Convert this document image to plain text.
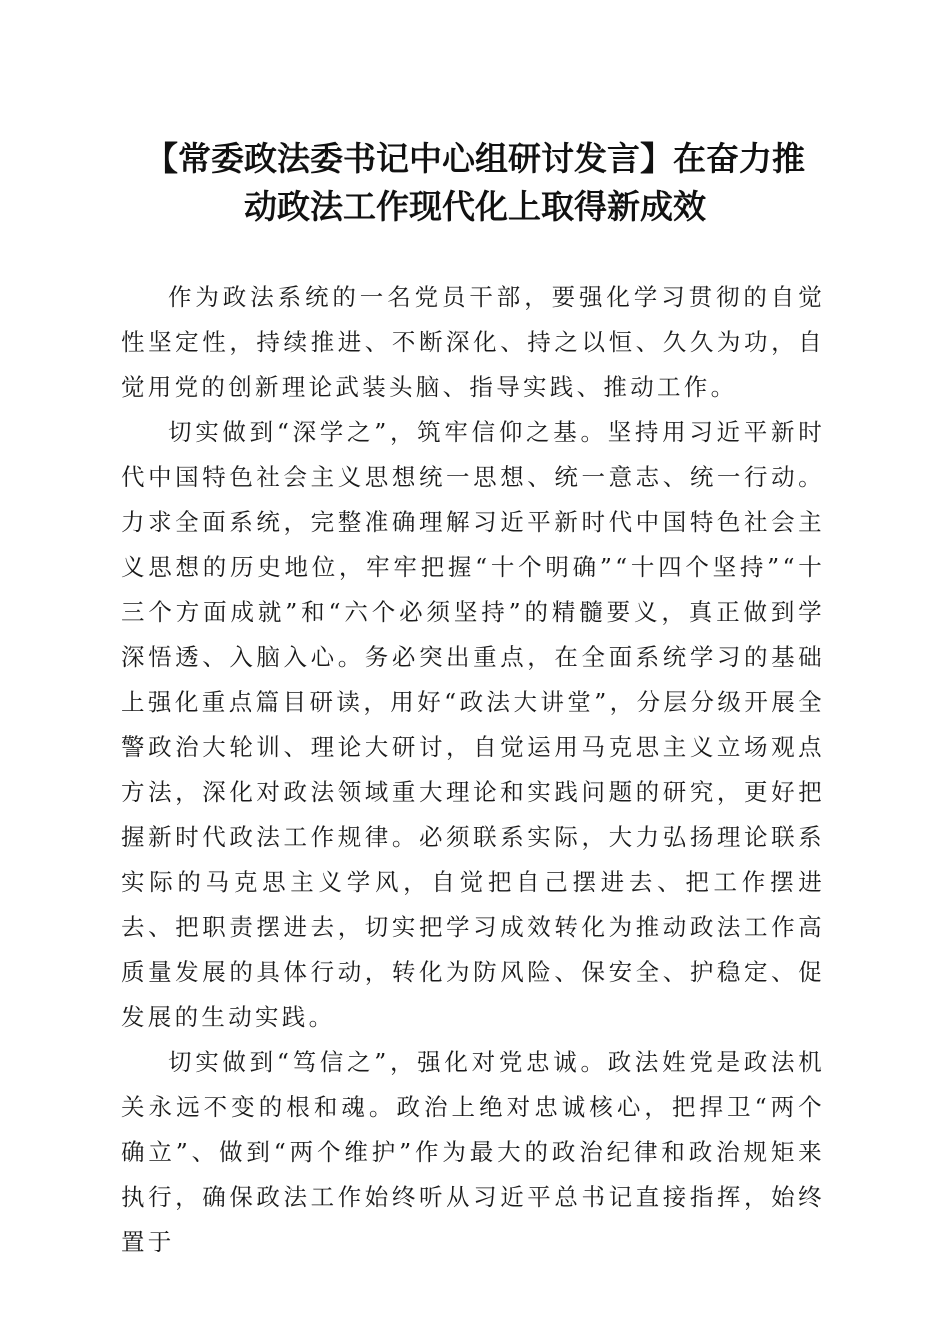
【常委政法委书记中心组研讨发言】在奋力推
动政法工作现代化上取得新成效

作为政法系统的一名党员干部，要强化学习贯彻的自觉性坚定性，持续推进、不断深化、持之以恒、久久为功，自觉用党的创新理论武装头脑、指导实践、推动工作。

切实做到“深学之”，筑牢信仰之基。坚持用习近平新时代中国特色社会主义思想统一思想、统一意志、统一行动。力求全面系统，完整准确理解习近平新时代中国特色社会主义思想的历史地位，牢牢把握“十个明确”“十四个坚持”“十三个方面成就”和“六个必须坚持”的精髓要义，真正做到学深悟透、入脑入心。务必突出重点，在全面系统学习的基础上强化重点篇目研读，用好“政法大讲堂”，分层分级开展全警政治大轮训、理论大研讨，自觉运用马克思主义立场观点方法，深化对政法领域重大理论和实践问题的研究，更好把握新时代政法工作规律。必须联系实际，大力弘扬理论联系实际的马克思主义学风，自觉把自己摆进去、把工作摆进去、把职责摆进去，切实把学习成效转化为推动政法工作高质量发展的具体行动，转化为防风险、保安全、护稳定、促发展的生动实践。

切实做到“笃信之”，强化对党忠诚。政法姓党是政法机关永远不变的根和魂。政治上绝对忠诚核心，把捍卫“两个确立”、做到“两个维护”作为最大的政治纪律和政治规矩来执行，确保政法工作始终听从习近平总书记直接指挥，始终置于
